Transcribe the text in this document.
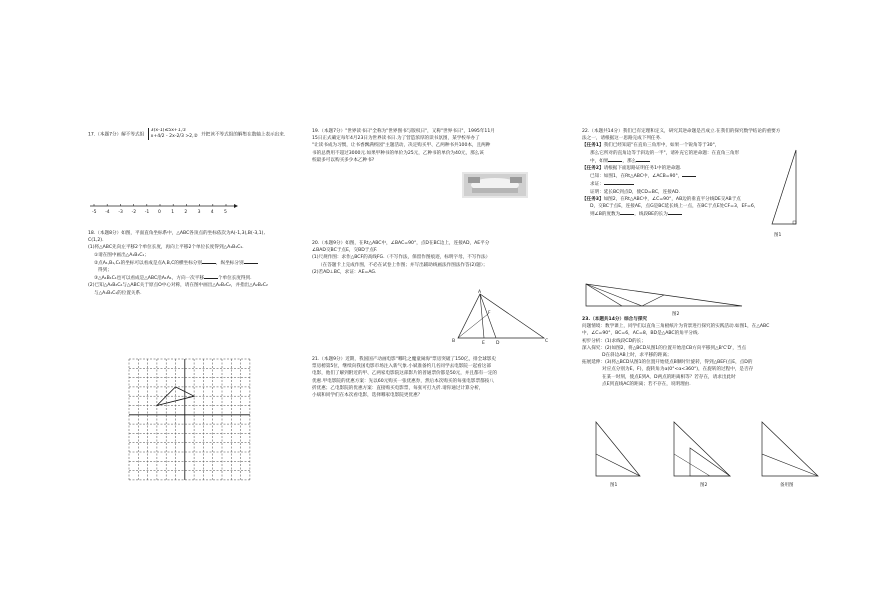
17.（本题7分）解不等式组
3(x-1)≤5x+1,①
x+4/2 - 2x-2/3 >2,② 并把该不等式组的解集在数轴上表示出来.
-5 -4 -3 -2 -1 0 1 2 3 4 5
18.（本题8分）如图，平面直角坐标系中，△ABC各顶点的坐标依次为A(-1,3),B(-3,1),
C(1,2).
(1)将△ABC先向左平移2个单位长度，再向上平移2个单位长度得到△A₁B₁C₁.
①请在图中画出△A₁B₁C₁；
②点A₁,B₁,C₁的坐标可以看成是点A,B,C的横坐标分别	，纵坐标分别
得到；
③△A₁B₁C₁也可以看成是△ABC沿A₁A₁，方向一次平移	个单位长度得到.
(2)已知△A₂B₂C₂与△ABC关于原点O中心对称，请在图中画出△A₂B₂C₂，并指出△A₂B₂C₂
与△A₁B₁C₁的位置关系.
19.（本题7分）"世界读书日"全称为"世界图书与版权日"，又称"世界书日"，1995年11月
15日正式确定每年4月23日为世界读书日.为了营造浓厚的读书氛围，某学校举办了
"让读书成为习惯，让书香飘满校园"主题活动，决定购买甲、乙两种书共100本，且两种
书的总费用不超过3000元.如果甲种书的单价为25元，乙种书的单价为40元，那么该
校最多可以购买多少本乙种书?
20.（本题9分）如图，在Rt△ABC中，∠BAC=90°，点D在BC边上，连接AD，AE平分
∠BAD交BC于点E，交BD于点F.
(1)尺规作图：求作△BCF的高线FG.（不写作法，保留作图痕迹，标明字母，不写作法）
（在答题卡上完成作图，不必在试卷上作图；并写出辅助线画法作图法作答(2)题）；
(2)若AD⊥BC，求证：AE=AG.
A
B	C
D
E
F
21.（本题9分）近期，我国国产动画电影"哪吒之魔童闹海"票房突破了150亿，排全球影史
票房榜第5位，继续向我国电影市场注入新气象.小斌准备约几名同学去电影院一起看这部
电影，他们了解到附近的甲、乙两家电影院这部影片的普通票价都是50元，并且都有一定的
优惠.甲电影院的优惠方案：先以60元购买一张优惠券，然后本次购买的每张电影票都按八
折优惠；乙电影院的优惠方案：直接购买电影票，每张可打九折.请你通过计算分析，
小斌和同学们在本次看电影，选择哪家电影院更优惠？
22.（本题共14分）我们已有定理和定义，研究其逆命题是否成立.在我们的探究数学结论的重要方
法之一，请根据这一思路完成下列任务.
【任务1】我们已经知道"在直角三角形中，如果一个锐角等于30°，
那么它所对的直角边等于斜边的一半"，请补充它的逆命题：在直角三角形
中，如果	，那么
【任务2】请根据下面思路证明任务1中的逆命题.
已知：如图1，在Rt△ABC中，∠ACB=90°，
求证：
证明：延长BC到点D，使CD=BC，连接AD.
【任务3】如图2，在Rt△ABC中，∠C=90°，AB边的垂直平分线DE交AB于点
D，交BC于点E，连接AE，点G是BC延长线上一点，在BC于点E处CF=3，EF=6，
则∠B的度数为	，线段BE的长为
图1
图2
23.（本题共14分）综合与探究
问题情境：数学课上，同学们以直角三角板纸片为背景进行探究的实践活动.如图1，在△ABC
中，∠C=90°，BC=6，AC=8，BD是△ABC的角平分线.
初步分析：(1)求线段CD的长；
深入探究：(2)如图2，将△BCD从图1的位置开始沿CB方向平移到△B'C'D'，当点
D在斜边AB上时，求平移的距离；
拓展延伸：(3)将△BCD从图1的位置开始绕点B顺时针旋转，得到△BEF(点E，点D的
对应点分别为E，F)，旋转角为α(0°<α<360°)，在旋转的过程中，是否存
在某一时刻，使点E到A，D两点的距离相等？若存在，请求出此时
点E到直线AC的距离；若不存在，说明理由.
图1	图2	备用图
